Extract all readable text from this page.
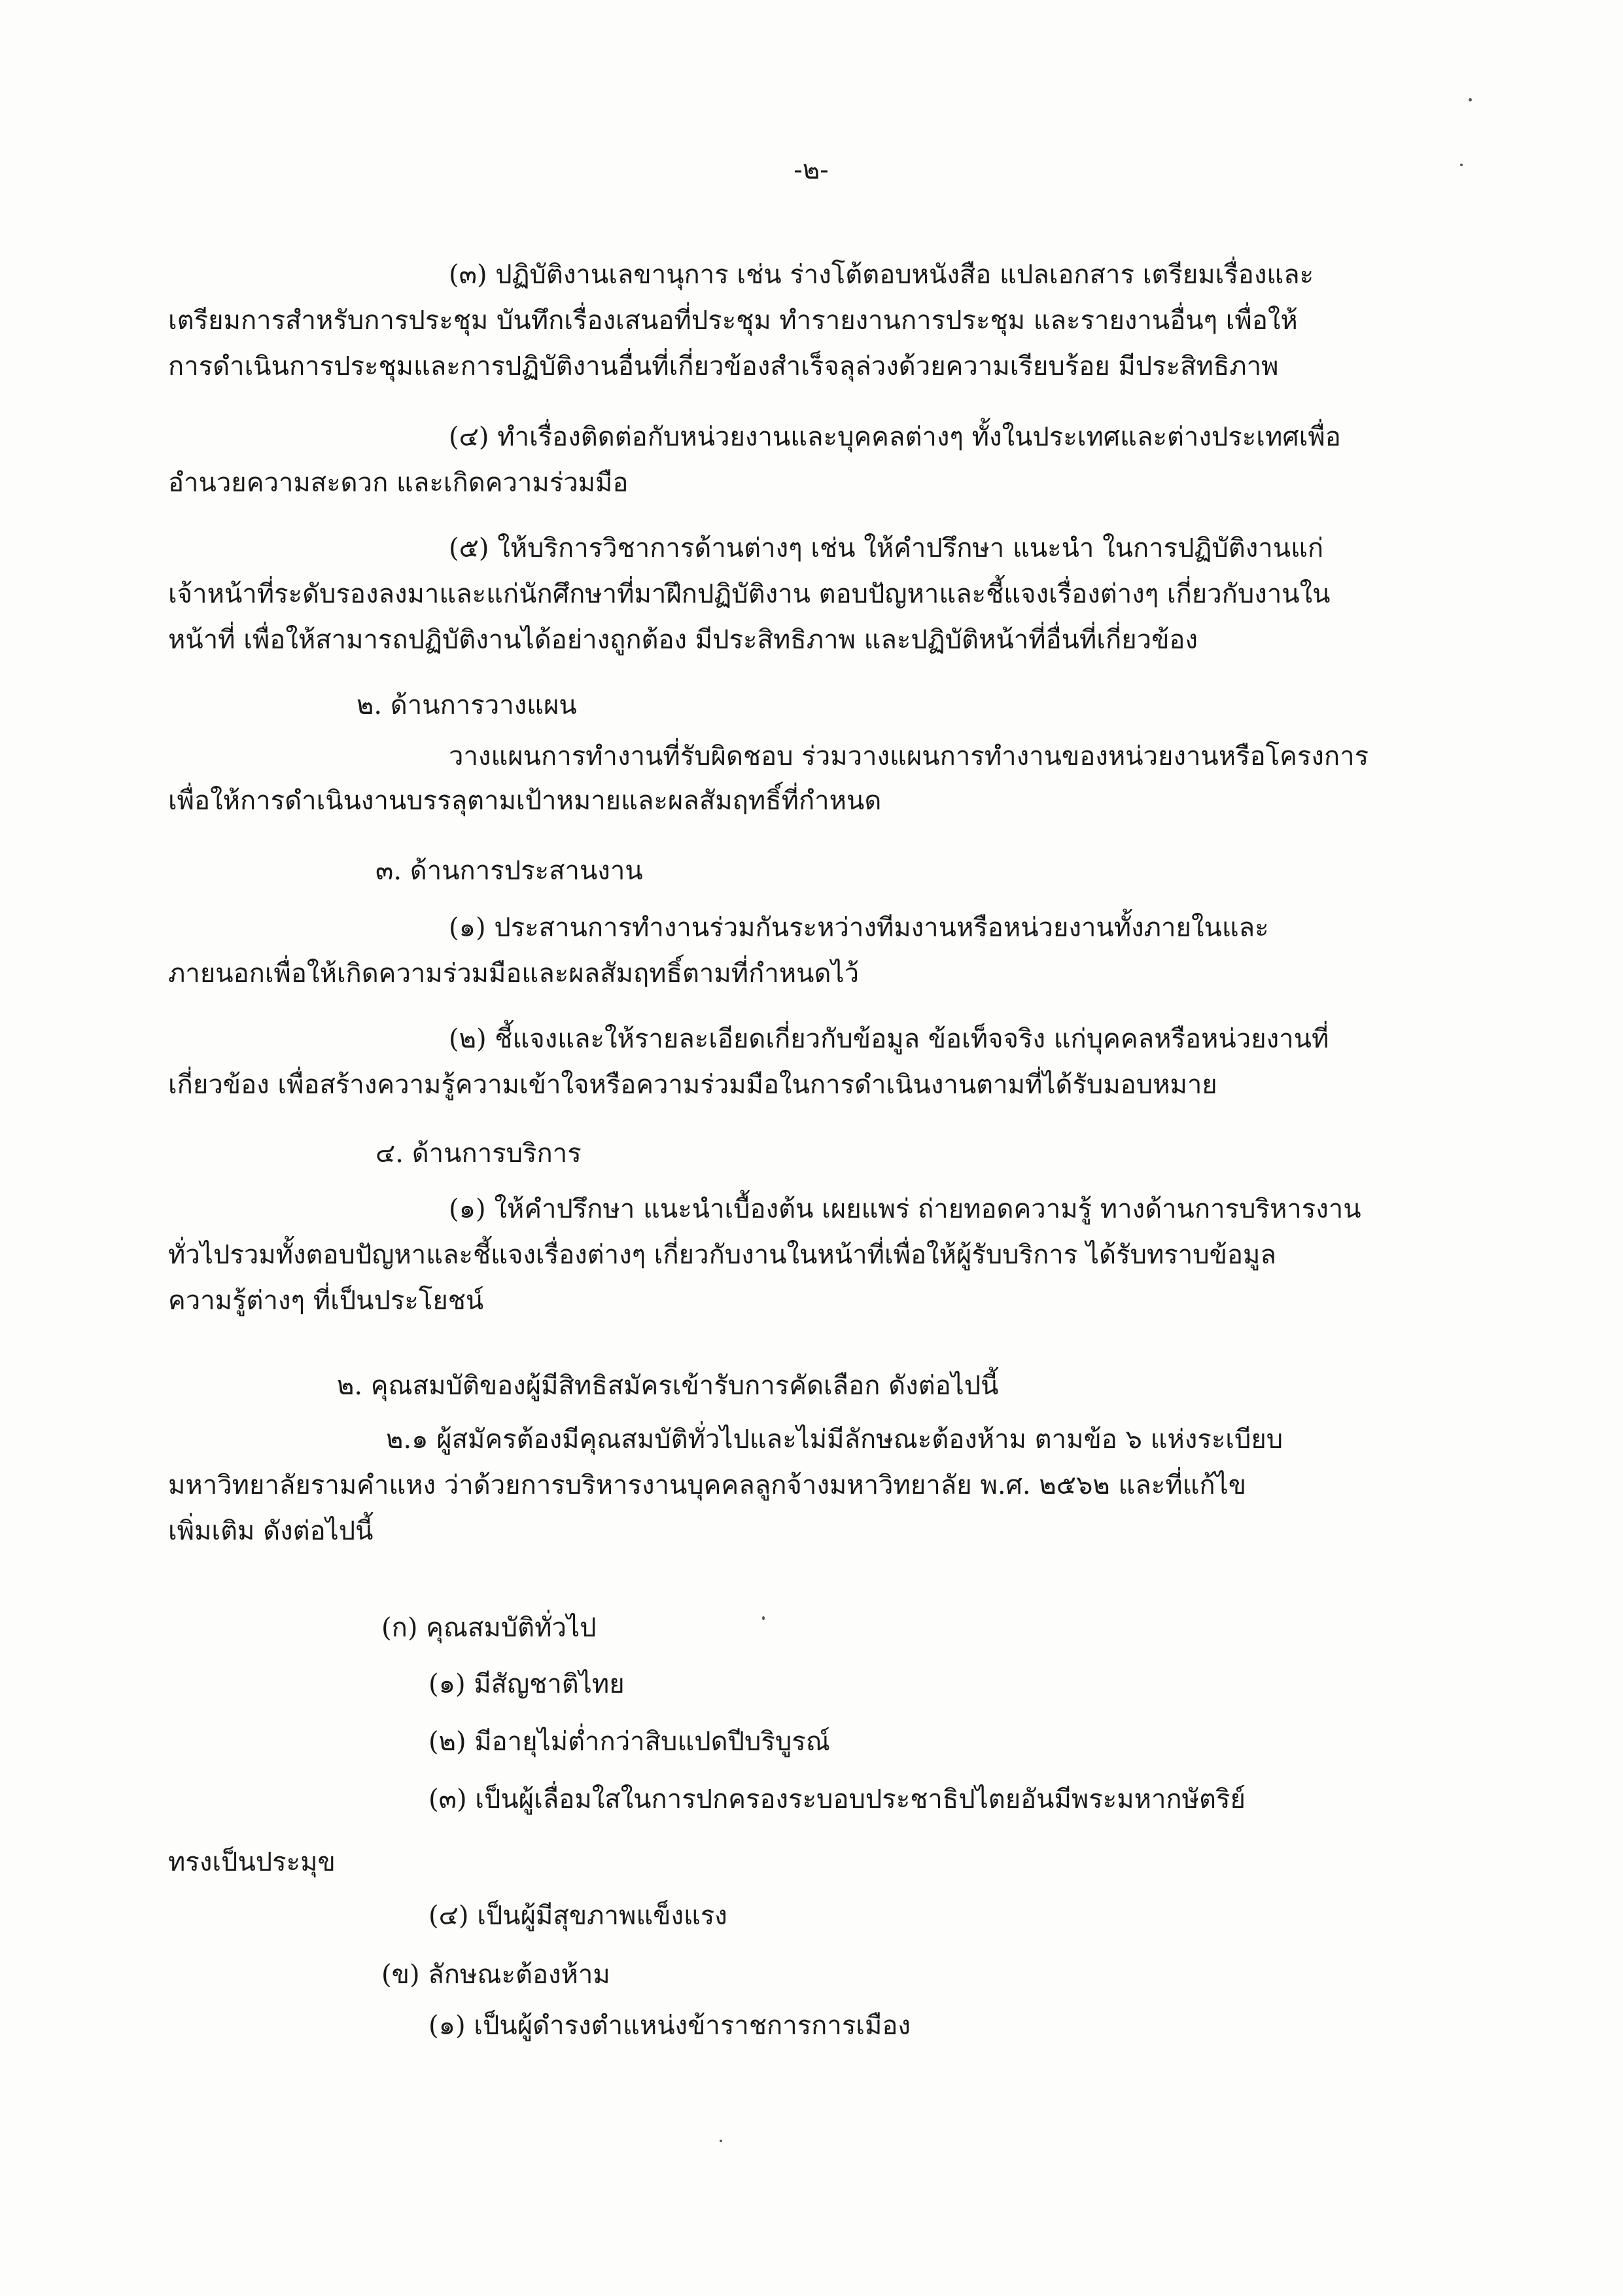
-๒-
(๓) ปฏิบัติงานเลขานุการ เช่น ร่างโต้ตอบหนังสือ แปลเอกสาร เตรียมเรื่องและ
เตรียมการสำหรับการประชุม บันทึกเรื่องเสนอที่ประชุม ทำรายงานการประชุม และรายงานอื่นๆ เพื่อให้
การดำเนินการประชุมและการปฏิบัติงานอื่นที่เกี่ยวข้องสำเร็จลุล่วงด้วยความเรียบร้อย มีประสิทธิภาพ
(๔) ทำเรื่องติดต่อกับหน่วยงานและบุคคลต่างๆ ทั้งในประเทศและต่างประเทศเพื่อ
อำนวยความสะดวก และเกิดความร่วมมือ
(๕) ให้บริการวิชาการด้านต่างๆ เช่น ให้คำปรึกษา แนะนำ ในการปฏิบัติงานแก่
เจ้าหน้าที่ระดับรองลงมาและแก่นักศึกษาที่มาฝึกปฏิบัติงาน ตอบปัญหาและชี้แจงเรื่องต่างๆ เกี่ยวกับงานใน
หน้าที่ เพื่อให้สามารถปฏิบัติงานได้อย่างถูกต้อง มีประสิทธิภาพ และปฏิบัติหน้าที่อื่นที่เกี่ยวข้อง
๒. ด้านการวางแผน
วางแผนการทำงานที่รับผิดชอบ ร่วมวางแผนการทำงานของหน่วยงานหรือโครงการ
เพื่อให้การดำเนินงานบรรลุตามเป้าหมายและผลสัมฤทธิ์ที่กำหนด
๓. ด้านการประสานงาน
(๑) ประสานการทำงานร่วมกันระหว่างทีมงานหรือหน่วยงานทั้งภายในและ
ภายนอกเพื่อให้เกิดความร่วมมือและผลสัมฤทธิ์ตามที่กำหนดไว้
(๒) ชี้แจงและให้รายละเอียดเกี่ยวกับข้อมูล ข้อเท็จจริง แก่บุคคลหรือหน่วยงานที่
เกี่ยวข้อง เพื่อสร้างความรู้ความเข้าใจหรือความร่วมมือในการดำเนินงานตามที่ได้รับมอบหมาย
๔. ด้านการบริการ
(๑) ให้คำปรึกษา แนะนำเบื้องต้น เผยแพร่ ถ่ายทอดความรู้ ทางด้านการบริหารงาน
ทั่วไปรวมทั้งตอบปัญหาและชี้แจงเรื่องต่างๆ เกี่ยวกับงานในหน้าที่เพื่อให้ผู้รับบริการ ได้รับทราบข้อมูล
ความรู้ต่างๆ ที่เป็นประโยชน์
๒. คุณสมบัติของผู้มีสิทธิสมัครเข้ารับการคัดเลือก ดังต่อไปนี้
๒.๑ ผู้สมัครต้องมีคุณสมบัติทั่วไปและไม่มีลักษณะต้องห้าม ตามข้อ ๖ แห่งระเบียบ
มหาวิทยาลัยรามคำแหง ว่าด้วยการบริหารงานบุคคลลูกจ้างมหาวิทยาลัย พ.ศ. ๒๕๖๒ และที่แก้ไข
เพิ่มเติม ดังต่อไปนี้
(ก) คุณสมบัติทั่วไป
(๑) มีสัญชาติไทย
(๒) มีอายุไม่ต่ำกว่าสิบแปดปีบริบูรณ์
(๓) เป็นผู้เลื่อมใสในการปกครองระบอบประชาธิปไตยอันมีพระมหากษัตริย์
ทรงเป็นประมุข
(๔) เป็นผู้มีสุขภาพแข็งแรง
(ข) ลักษณะต้องห้าม
(๑) เป็นผู้ดำรงตำแหน่งข้าราชการการเมือง
